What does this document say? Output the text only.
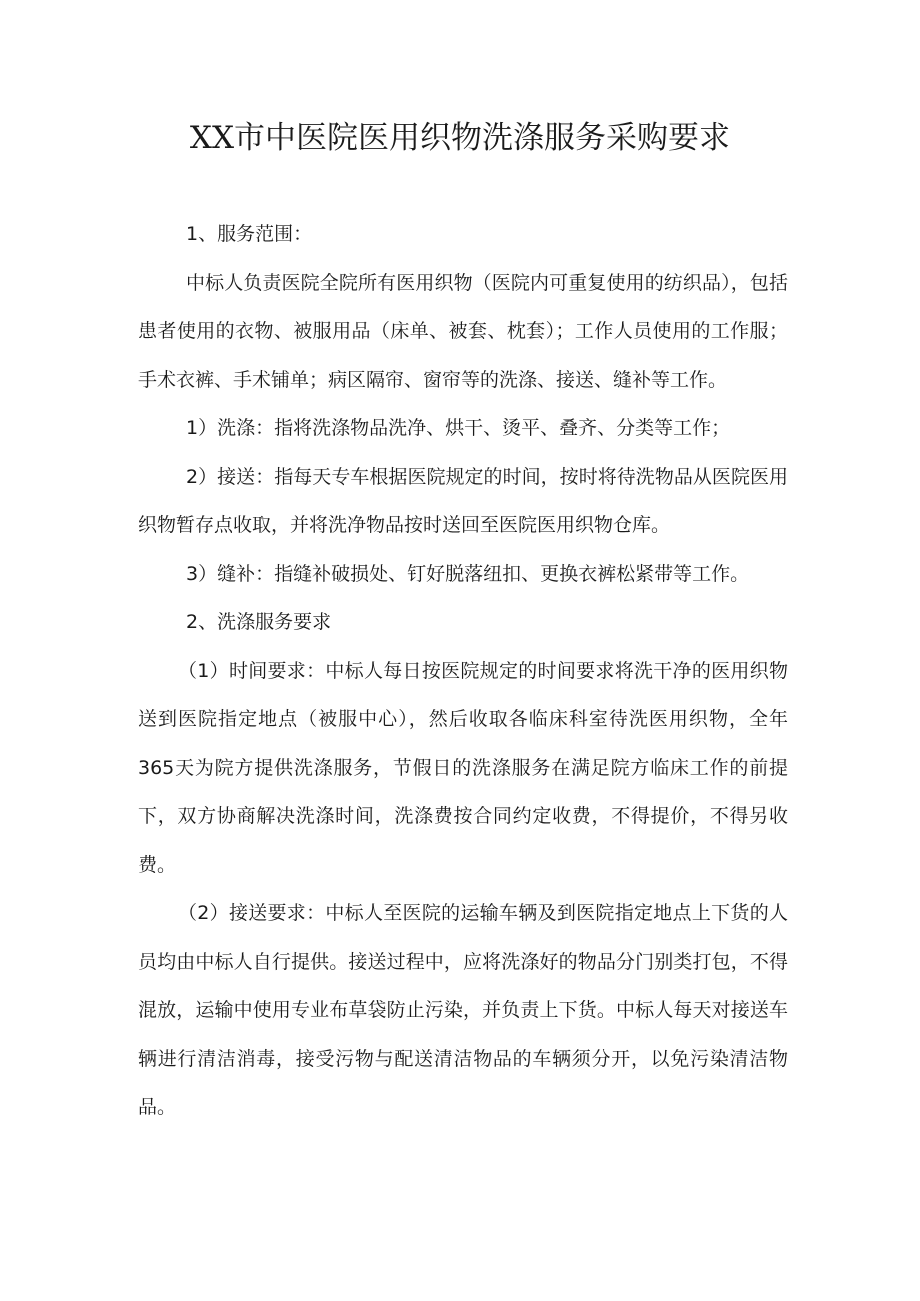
XX市中医院医用织物洗涤服务采购要求

1、服务范围：

中标人负责医院全院所有医用织物（医院内可重复使用的纺织品），包括患者使用的衣物、被服用品（床单、被套、枕套）；工作人员使用的工作服；手术衣裤、手术铺单；病区隔帘、窗帘等的洗涤、接送、缝补等工作。

1）洗涤：指将洗涤物品洗净、烘干、烫平、叠齐、分类等工作；

2）接送：指每天专车根据医院规定的时间，按时将待洗物品从医院医用织物暂存点收取，并将洗净物品按时送回至医院医用织物仓库。

3）缝补：指缝补破损处、钉好脱落纽扣、更换衣裤松紧带等工作。

2、洗涤服务要求

（1）时间要求：中标人每日按医院规定的时间要求将洗干净的医用织物送到医院指定地点（被服中心），然后收取各临床科室待洗医用织物，全年365天为院方提供洗涤服务，节假日的洗涤服务在满足院方临床工作的前提下，双方协商解决洗涤时间，洗涤费按合同约定收费，不得提价，不得另收费。

（2）接送要求：中标人至医院的运输车辆及到医院指定地点上下货的人员均由中标人自行提供。接送过程中，应将洗涤好的物品分门别类打包，不得混放，运输中使用专业布草袋防止污染，并负责上下货。中标人每天对接送车辆进行清洁消毒，接受污物与配送清洁物品的车辆须分开，以免污染清洁物品。
